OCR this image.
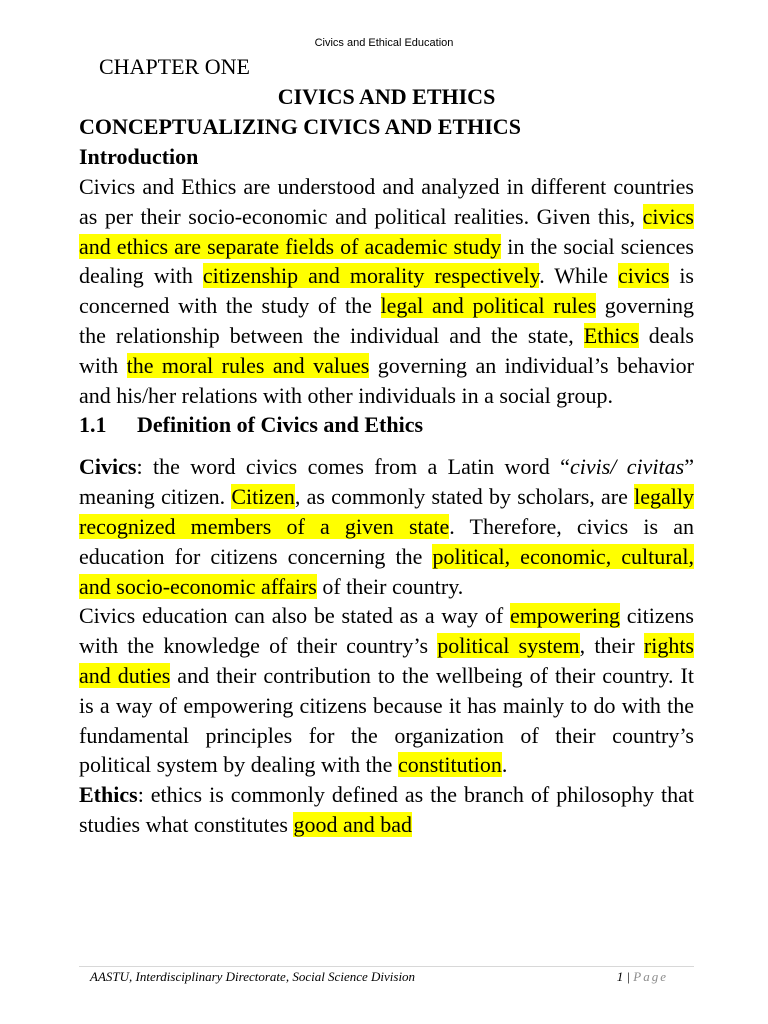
Civics and Ethical Education
CHAPTER ONE
CIVICS AND ETHICS
CONCEPTUALIZING CIVICS AND ETHICS
Introduction

Civics and Ethics are understood and analyzed in different countries as per their socio-economic and political realities. Given this, civics and ethics are separate fields of academic study in the social sciences dealing with citizenship and morality respectively. While civics is concerned with the study of the legal and political rules governing the relationship between the individual and the state, Ethics deals with the moral rules and values governing an individual’s behavior and his/her relations with other individuals in a social group.

1.1 Definition of Civics and Ethics

Civics: the word civics comes from a Latin word “civis/ civitas” meaning citizen. Citizen, as commonly stated by scholars, are legally recognized members of a given state. Therefore, civics is an education for citizens concerning the political, economic, cultural, and socio-economic affairs of their country.

Civics education can also be stated as a way of empowering citizens with the knowledge of their country’s political system, their rights and duties and their contribution to the wellbeing of their country. It is a way of empowering citizens because it has mainly to do with the fundamental principles for the organization of their country’s political system by dealing with the constitution.

Ethics: ethics is commonly defined as the branch of philosophy that studies what constitutes good and bad

AASTU, Interdisciplinary Directorate, Social Science Division	1 | Page
